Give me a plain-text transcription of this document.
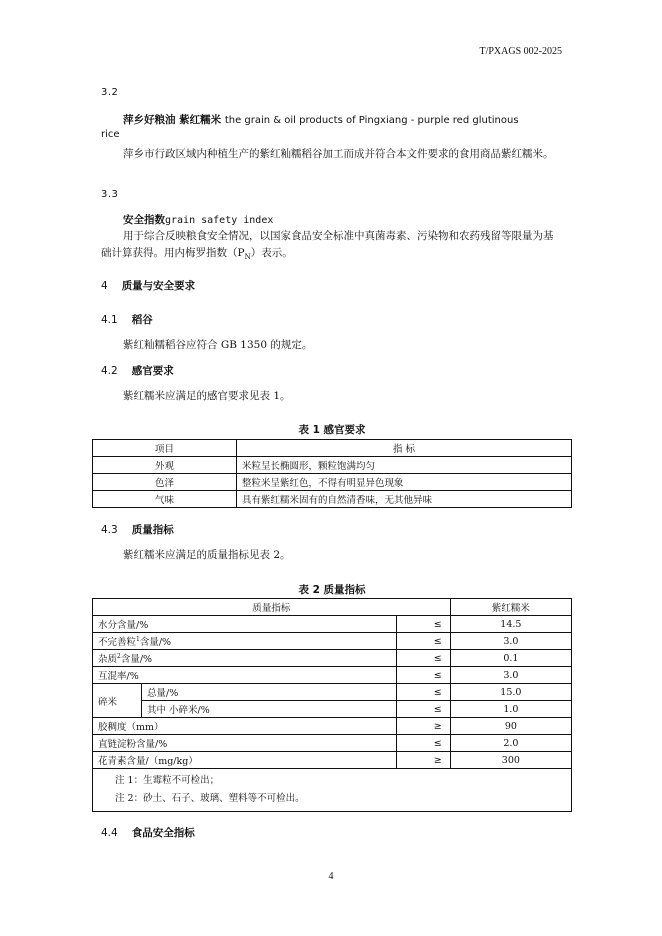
T/PXAGS 002-2025
3.2
萍乡好粮油 紫红糯米 the grain & oil products of Pingxiang - purple red glutinous
rice
萍乡市行政区域内种植生产的紫红籼糯稻谷加工而成并符合本文件要求的食用商品紫红糯米。
3.3
安全指数grain safety index
用于综合反映粮食安全情况，以国家食品安全标准中真菌毒素、污染物和农药残留等限量为基础计算获得。用内梅罗指数$(P_N)$表示。
4 质量与安全要求
4.1 稻谷
紫红籼糯稻谷应符合 GB 1350 的规定。
4.2 感官要求
紫红糯米应满足的感官要求见表 1。
表 1 感官要求
项目	指 标
外观	米粒呈长椭圆形，颗粒饱满均匀
色泽	整粒米呈紫红色，不得有明显异色现象
气味	具有紫红糯米固有的自然清香味，无其他异味
4.3 质量指标
紫红糯米应满足的质量指标见表 2。
表 2 质量指标
质量指标			紫红糯米
水分含量/%		≤	14.5
不完善粒$^1$含量/%		≤	3.0
杂质$^2$含量/%		≤	0.1
互混率/%		≤	3.0
碎米	总量/%	≤	15.0
	其中 小碎米/%	≤	1.0
胶稠度（mm）		≥	90
直链淀粉含量/%		≤	2.0
花青素含量/（mg/kg）		≥	300

注 1：生霉粒不可检出；
注 2：砂土、石子、玻璃、塑料等不可检出。			
4.4 食品安全指标
4
